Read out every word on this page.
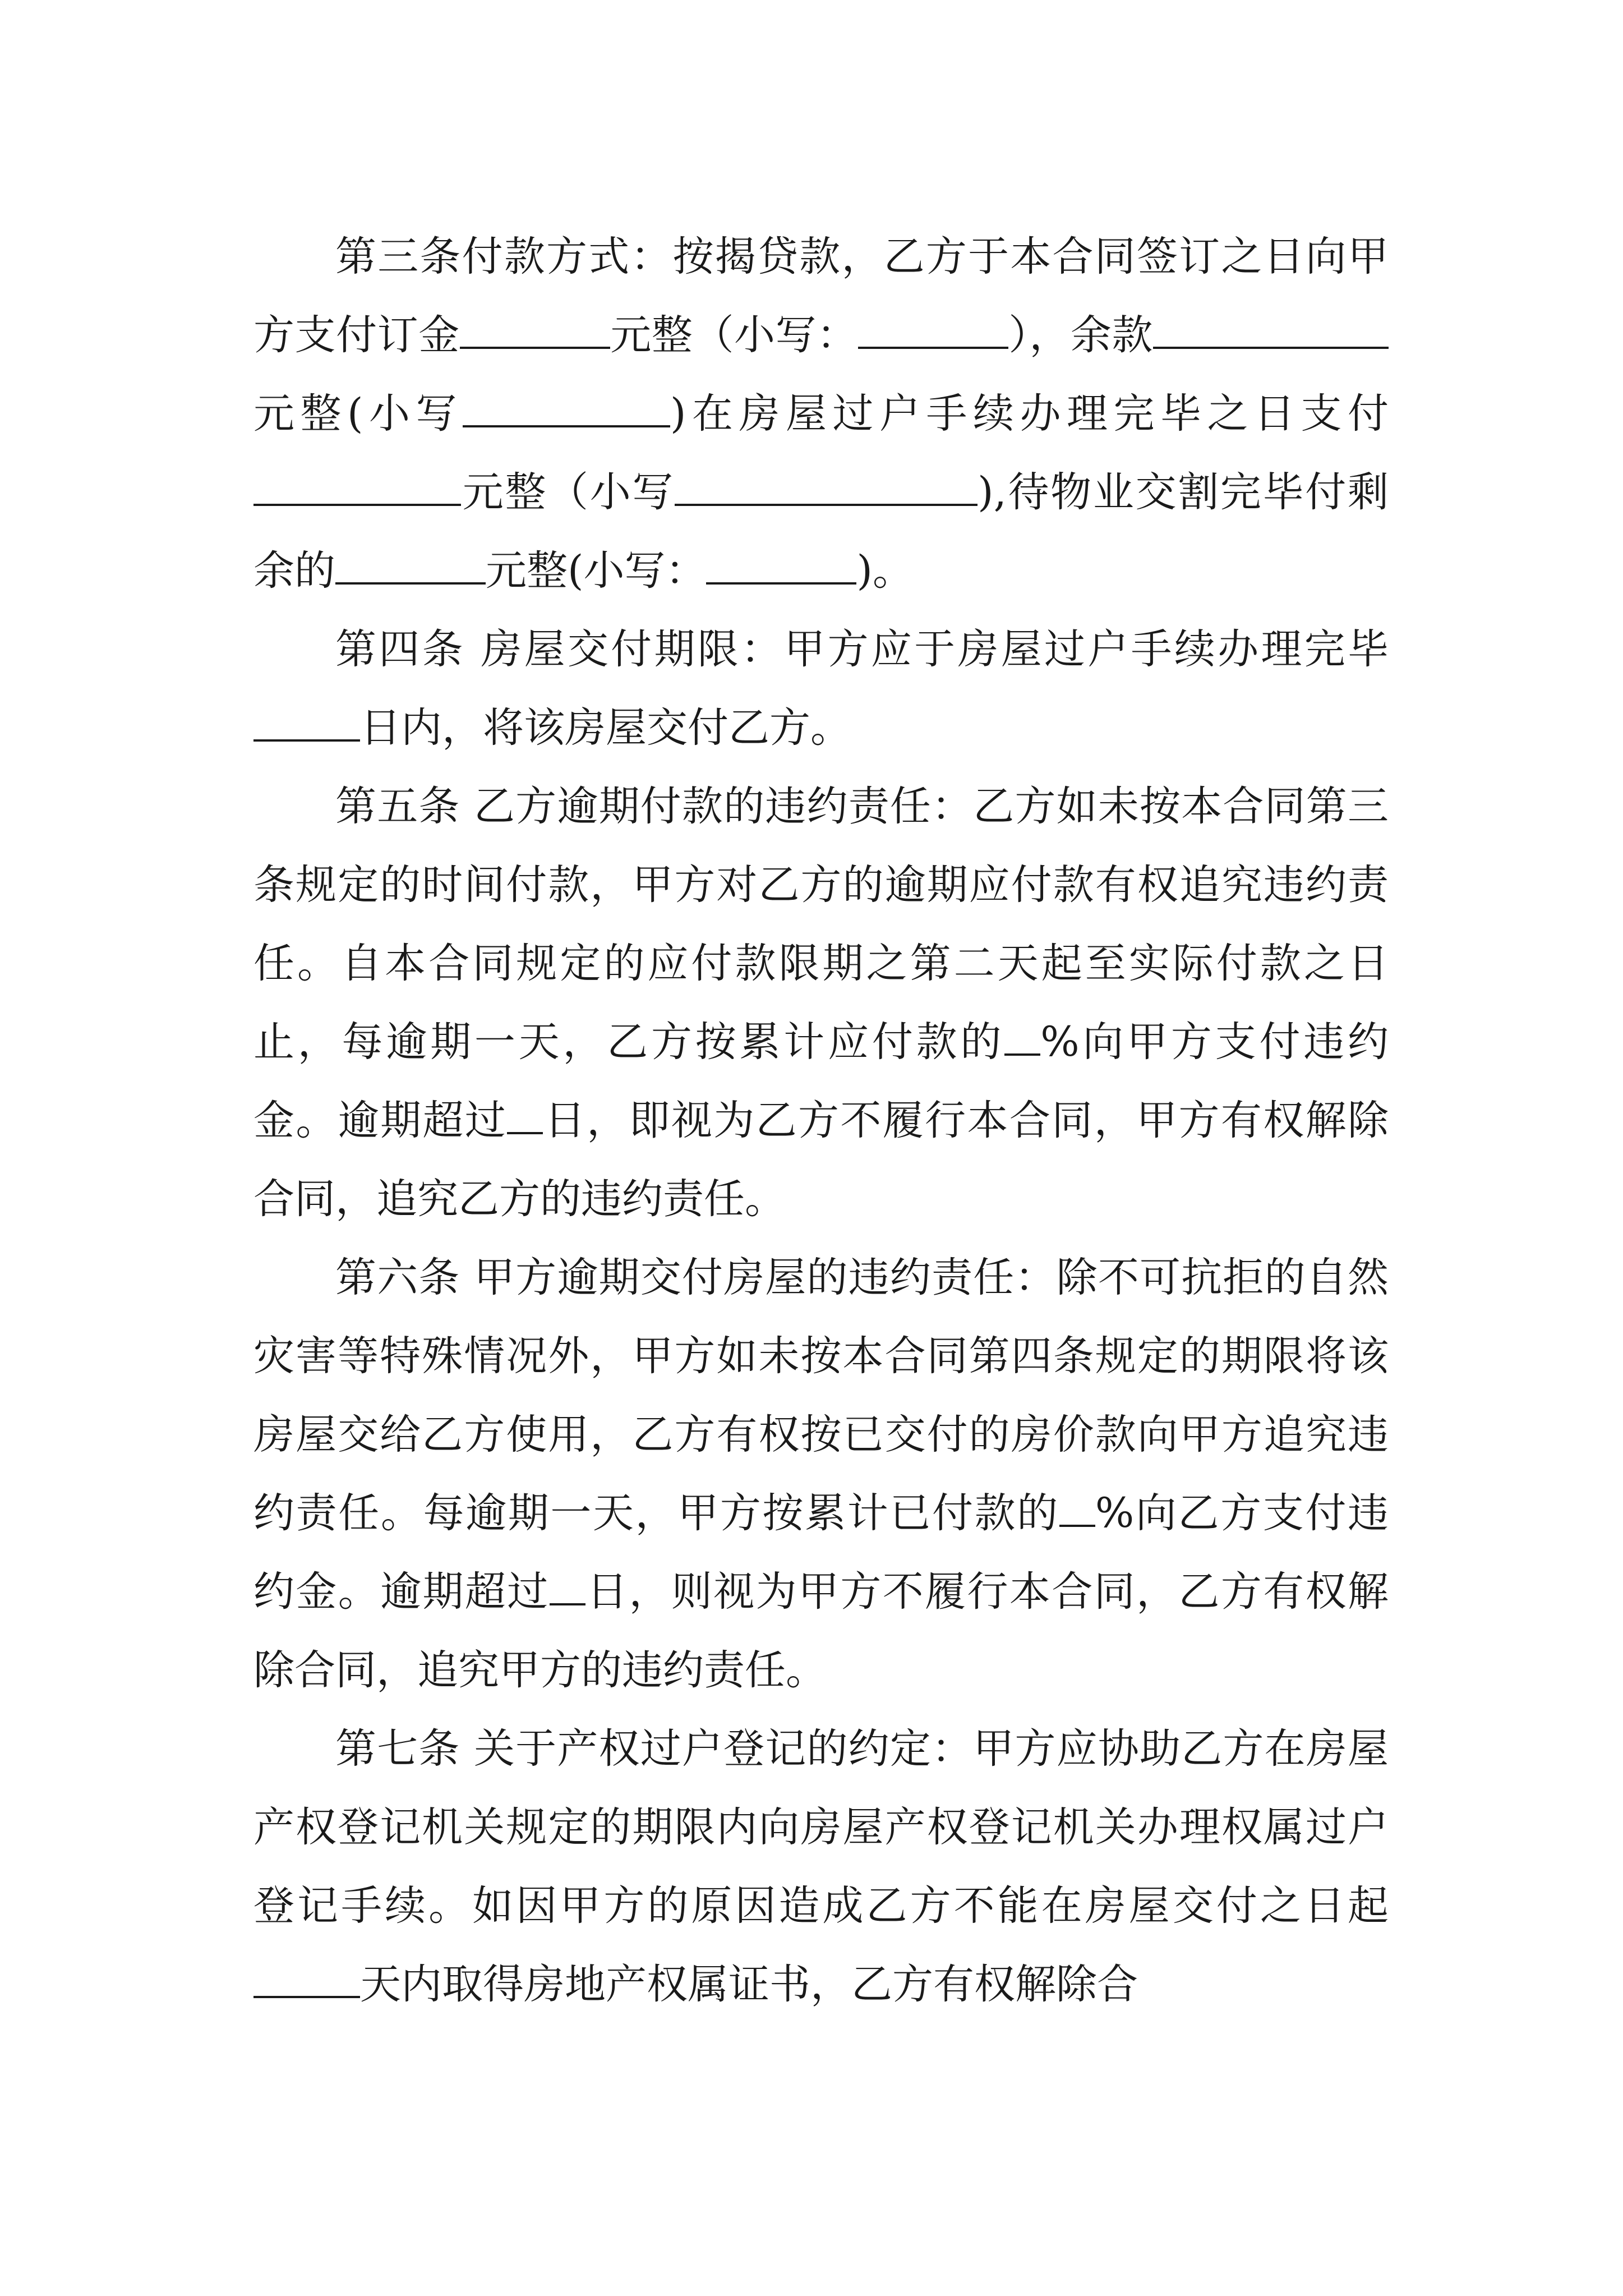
第三条付款方式：按揭贷款，乙方于本合同签订之日向甲方支付订金	元整（小写：	），余款元整(小写	)在房屋过户手续办理完毕之日支付元整（小写	),待物业交割完毕付剩余的	元整(小写：	)。

第四条 房屋交付期限：甲方应于房屋过户手续办理完毕日内，将该房屋交付乙方。

第五条 乙方逾期付款的违约责任：乙方如未按本合同第三条规定的时间付款，甲方对乙方的逾期应付款有权追究违约责任。自本合同规定的应付款限期之第二天起至实际付款之日止，每逾期一天，乙方按累计应付款的 %向甲方支付违约金。逾期超过 日，即视为乙方不履行本合同，甲方有权解除合同，追究乙方的违约责任。

第六条 甲方逾期交付房屋的违约责任：除不可抗拒的自然灾害等特殊情况外，甲方如未按本合同第四条规定的期限将该房屋交给乙方使用，乙方有权按已交付的房价款向甲方追究违约责任。每逾期一天，甲方按累计已付款的 %向乙方支付违约金。逾期超过 日，则视为甲方不履行本合同，乙方有权解除合同，追究甲方的违约责任。

第七条 关于产权过户登记的约定：甲方应协助乙方在房屋产权登记机关规定的期限内向房屋产权登记机关办理权属过户登记手续。如因甲方的原因造成乙方不能在房屋交付之日起天内取得房地产权属证书，乙方有权解除合
